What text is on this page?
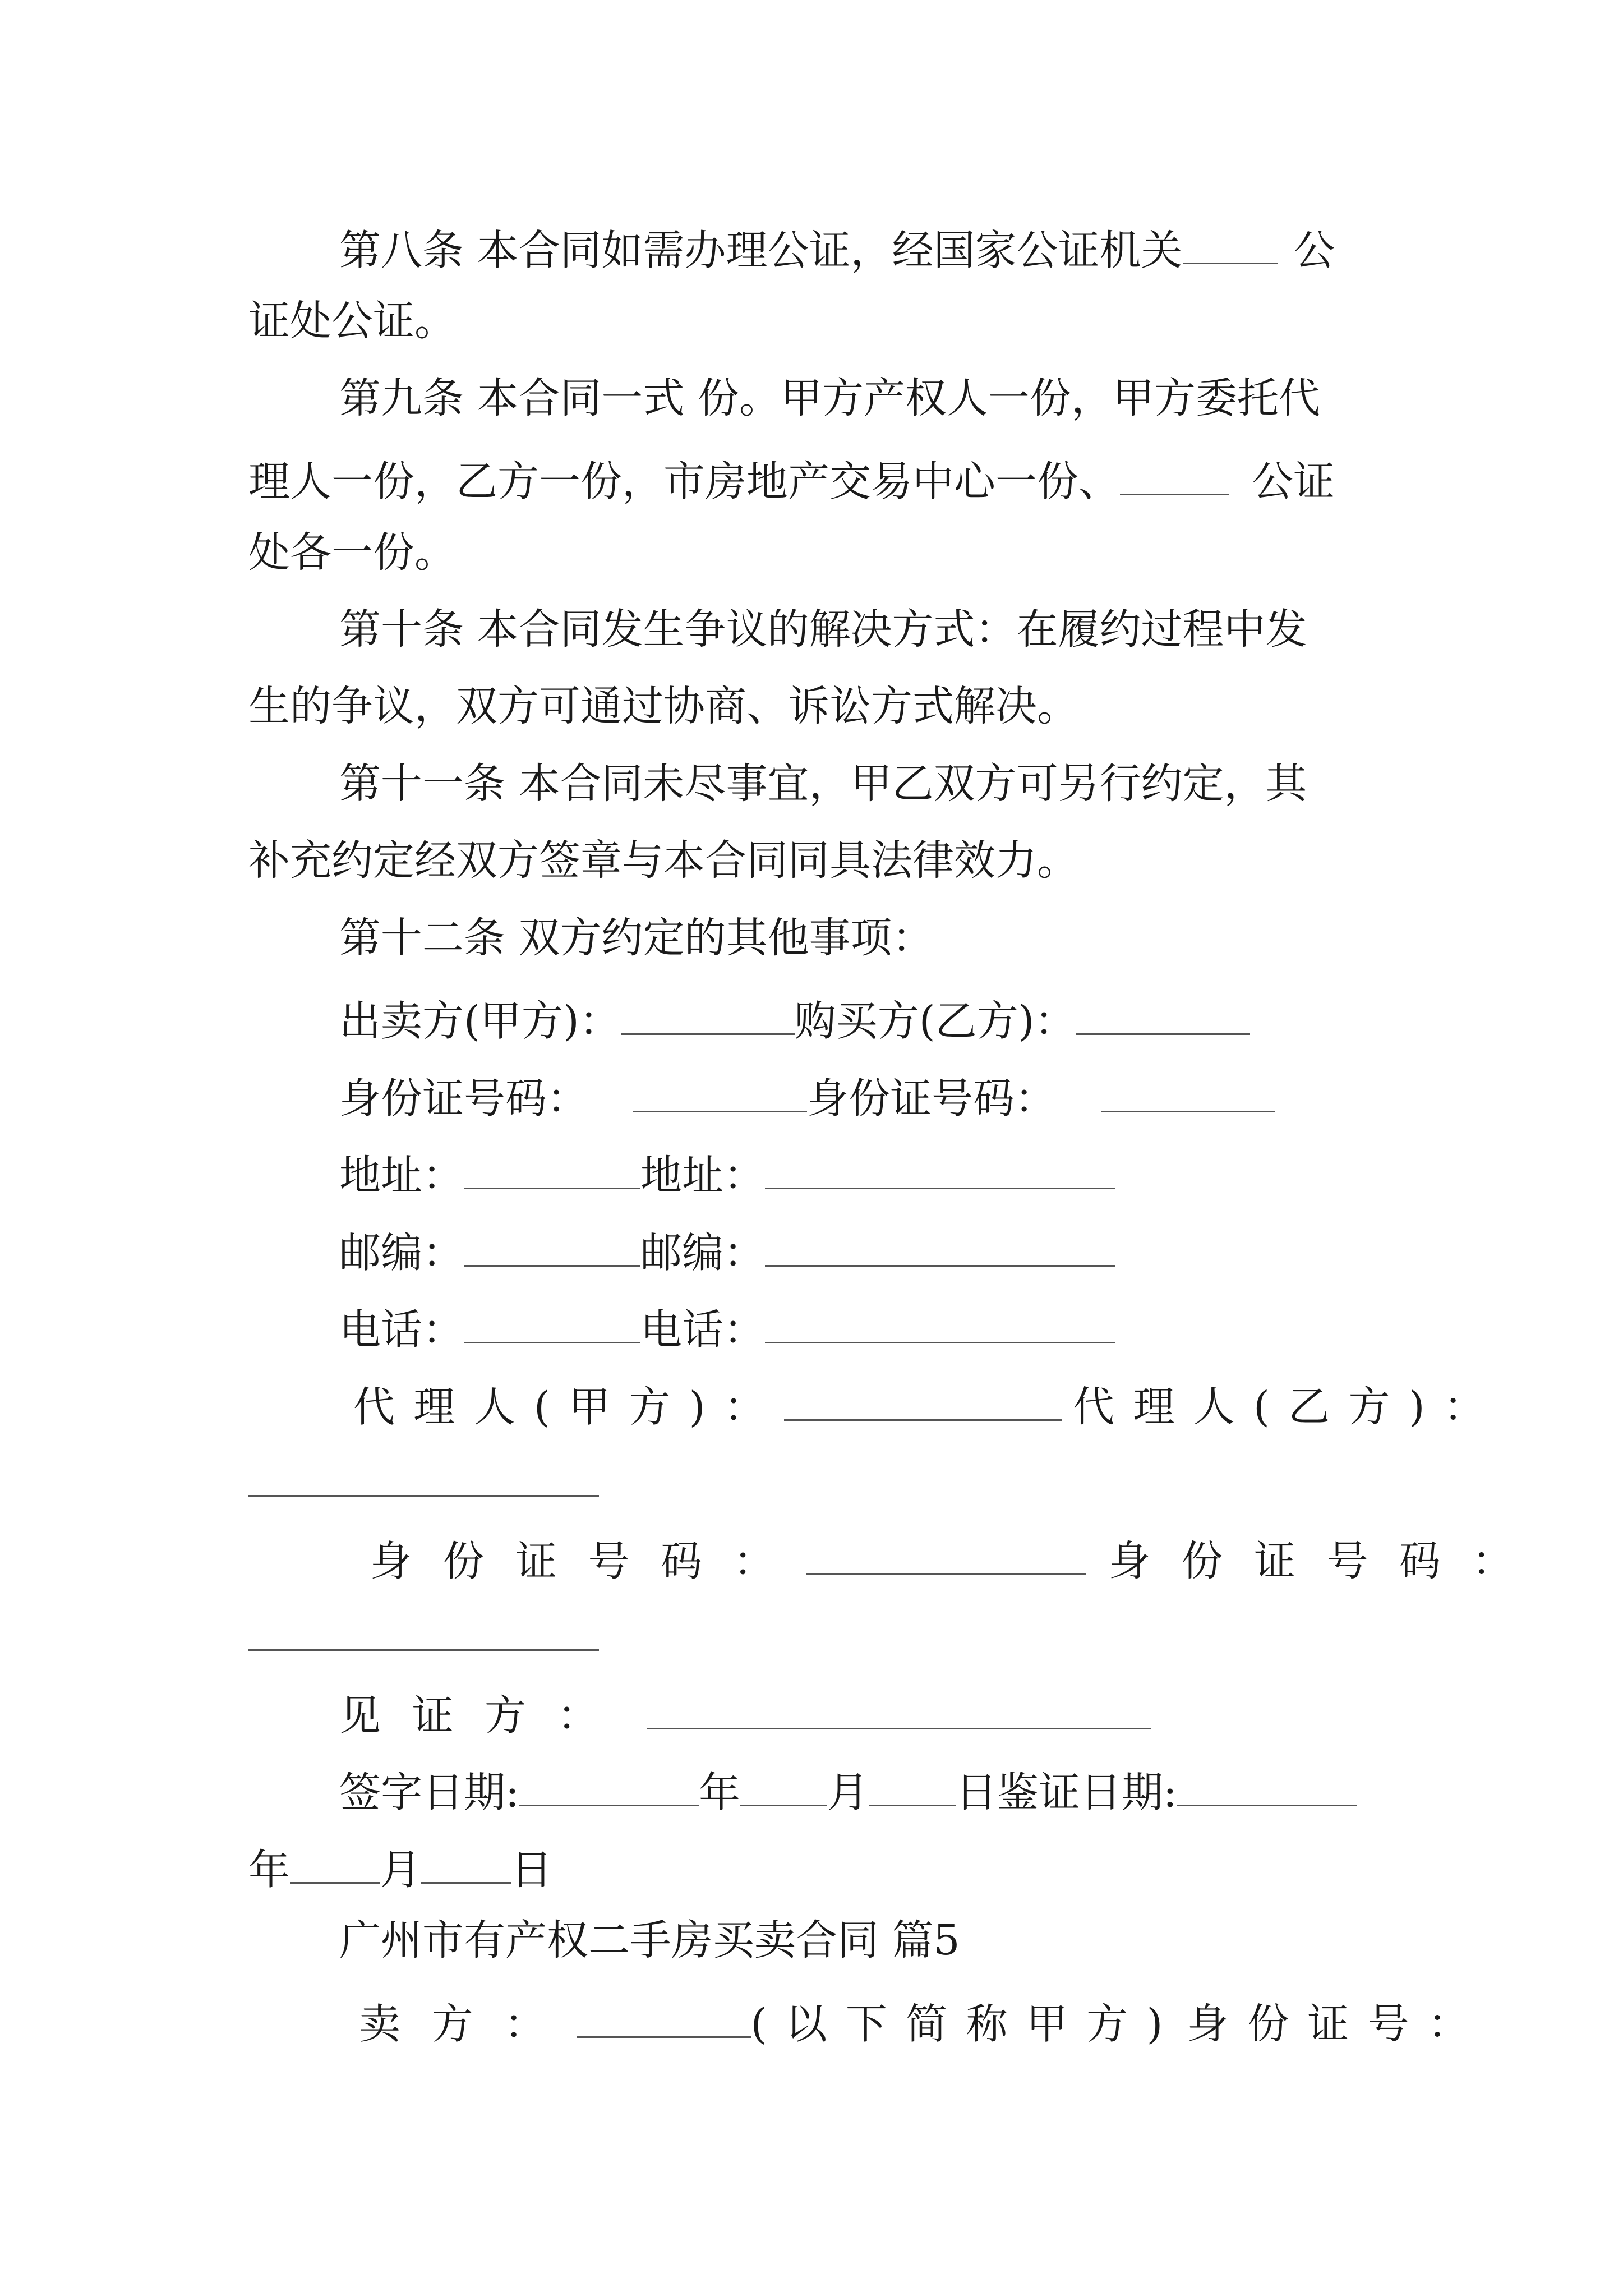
第八条 本合同如需办理公证，经国家公证机关	公
证处公证。
第九条 本合同一式 份。甲方产权人一份，甲方委托代
理人一份，乙方一份，市房地产交易中心一份、	公证
处各一份。
第十条 本合同发生争议的解决方式：在履约过程中发
生的争议，双方可通过协商、诉讼方式解决。
第十一条 本合同未尽事宜，甲乙双方可另行约定，其
补充约定经双方签章与本合同同具法律效力。
第十二条 双方约定的其他事项：
出卖方(甲方)：	购买方(乙方)：
身份证号码：	身份证号码：
地址：	地址：
邮编：	邮编：
电话：	电话：
代理人(甲方)：	代理人(乙方)：
身份证号码：	身份证号码：
见证方：
签字日期:	年 月 日鉴证日期:
年 月 日
广州市有产权二手房买卖合同 篇5
卖方：	(以下简称甲方) 身份证号：
